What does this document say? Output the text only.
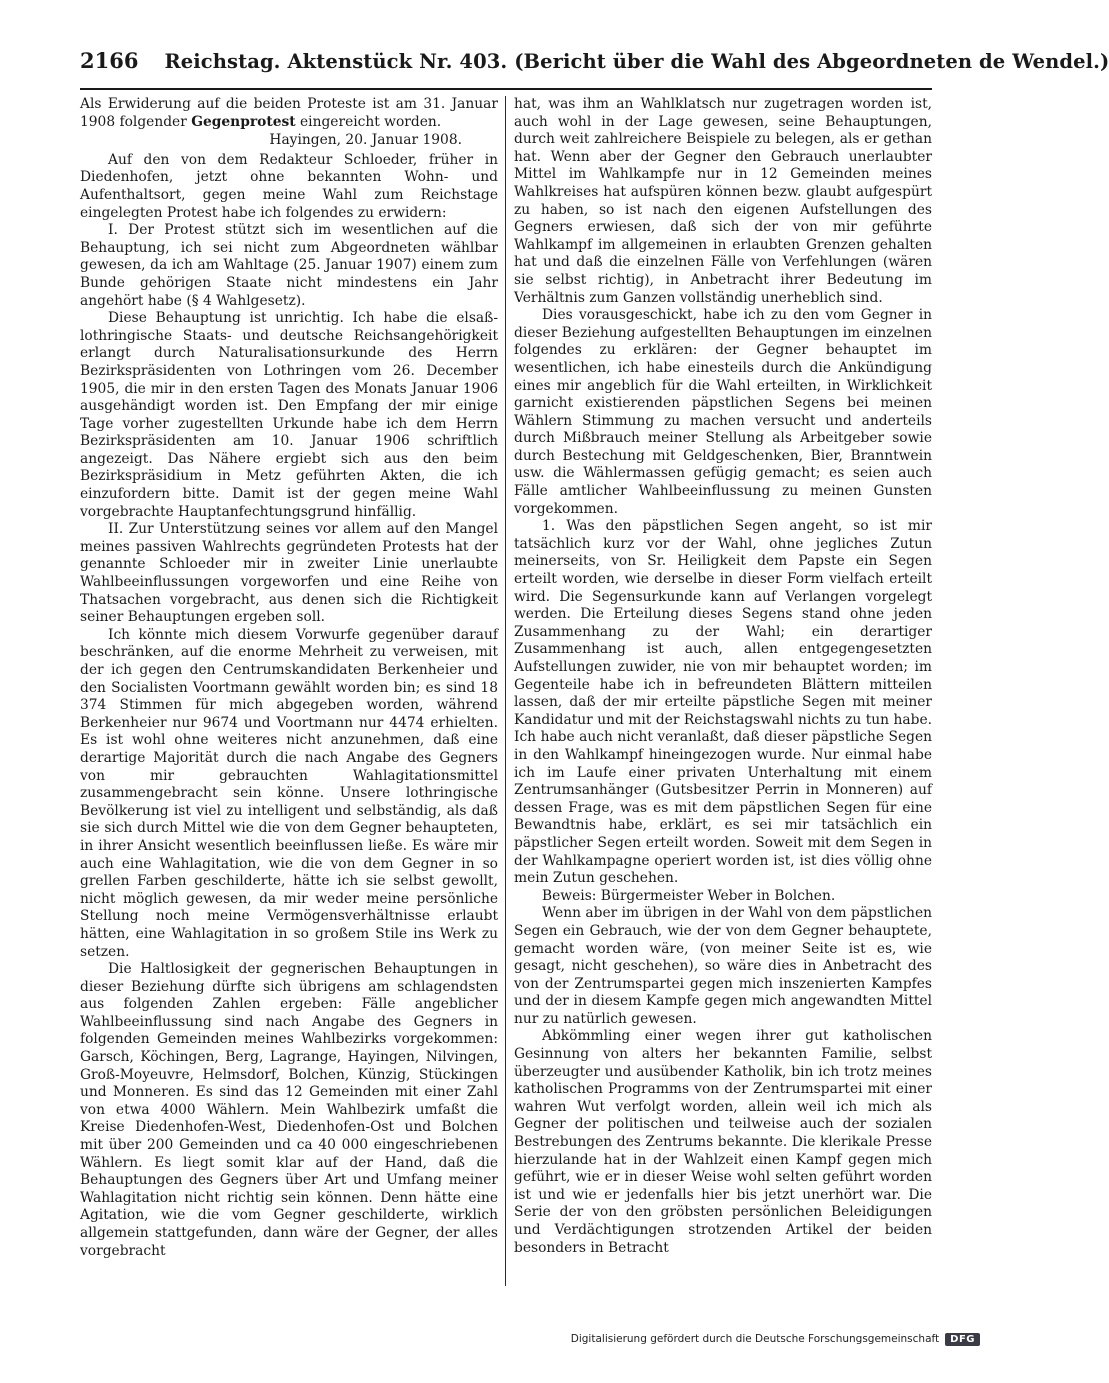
2166 Reichstag. Aktenstück Nr. 403. (Bericht über die Wahl des Abgeordneten de Wendel.)

Als Erwiderung auf die beiden Proteste ist am 31. Januar 1908 folgender Gegenprotest eingereicht worden.

Hayingen, 20. Januar 1908.

Auf den von dem Redakteur Schloeder, früher in Diedenhofen, jetzt ohne bekannten Wohn- und Aufenthaltsort, gegen meine Wahl zum Reichstage eingelegten Protest habe ich folgendes zu erwidern:

I. Der Protest stützt sich im wesentlichen auf die Behauptung, ich sei nicht zum Abgeordneten wählbar gewesen, da ich am Wahltage (25. Januar 1907) einem zum Bunde gehörigen Staate nicht mindestens ein Jahr angehört habe (§ 4 Wahlgesetz).

Diese Behauptung ist unrichtig. Ich habe die elsaß-lothringische Staats- und deutsche Reichsangehörigkeit erlangt durch Naturalisationsurkunde des Herrn Bezirkspräsidenten von Lothringen vom 26. December 1905, die mir in den ersten Tagen des Monats Januar 1906 ausgehändigt worden ist. Den Empfang der mir einige Tage vorher zugestellten Urkunde habe ich dem Herrn Bezirkspräsidenten am 10. Januar 1906 schriftlich angezeigt. Das Nähere ergiebt sich aus den beim Bezirkspräsidium in Metz geführten Akten, die ich einzufordern bitte. Damit ist der gegen meine Wahl vorgebrachte Hauptanfechtungsgrund hinfällig.

II. Zur Unterstützung seines vor allem auf den Mangel meines passiven Wahlrechts gegründeten Protests hat der genannte Schloeder mir in zweiter Linie unerlaubte Wahlbeeinflussungen vorgeworfen und eine Reihe von Thatsachen vorgebracht, aus denen sich die Richtigkeit seiner Behauptungen ergeben soll.

Ich könnte mich diesem Vorwurfe gegenüber darauf beschränken, auf die enorme Mehrheit zu verweisen, mit der ich gegen den Centrumskandidaten Berkenheier und den Socialisten Voortmann gewählt worden bin; es sind 18 374 Stimmen für mich abgegeben worden, während Berkenheier nur 9674 und Voortmann nur 4474 erhielten. Es ist wohl ohne weiteres nicht anzunehmen, daß eine derartige Majorität durch die nach Angabe des Gegners von mir gebrauchten Wahlagitationsmittel zusammengebracht sein könne. Unsere lothringische Bevölkerung ist viel zu intelligent und selbständig, als daß sie sich durch Mittel wie die von dem Gegner behaupteten, in ihrer Ansicht wesentlich beeinflussen ließe. Es wäre mir auch eine Wahlagitation, wie die von dem Gegner in so grellen Farben geschilderte, hätte ich sie selbst gewollt, nicht möglich gewesen, da mir weder meine persönliche Stellung noch meine Vermögensverhältnisse erlaubt hätten, eine Wahlagitation in so großem Stile ins Werk zu setzen.

Die Haltlosigkeit der gegnerischen Behauptungen in dieser Beziehung dürfte sich übrigens am schlagendsten aus folgenden Zahlen ergeben: Fälle angeblicher Wahlbeeinflussung sind nach Angabe des Gegners in folgenden Gemeinden meines Wahlbezirks vorgekommen: Garsch, Köchingen, Berg, Lagrange, Hayingen, Nilvingen, Groß-Moyeuvre, Helmsdorf, Bolchen, Künzig, Stückingen und Monneren. Es sind das 12 Gemeinden mit einer Zahl von etwa 4000 Wählern. Mein Wahlbezirk umfaßt die Kreise Diedenhofen-West, Diedenhofen-Ost und Bolchen mit über 200 Gemeinden und ca 40 000 eingeschriebenen Wählern. Es liegt somit klar auf der Hand, daß die Behauptungen des Gegners über Art und Umfang meiner Wahlagitation nicht richtig sein können. Denn hätte eine Agitation, wie die vom Gegner geschilderte, wirklich allgemein stattgefunden, dann wäre der Gegner, der alles vorgebracht

hat, was ihm an Wahlklatsch nur zugetragen worden ist, auch wohl in der Lage gewesen, seine Behauptungen, durch weit zahlreichere Beispiele zu belegen, als er gethan hat. Wenn aber der Gegner den Gebrauch unerlaubter Mittel im Wahlkampfe nur in 12 Gemeinden meines Wahlkreises hat aufspüren können bezw. glaubt aufgespürt zu haben, so ist nach den eigenen Aufstellungen des Gegners erwiesen, daß sich der von mir geführte Wahlkampf im allgemeinen in erlaubten Grenzen gehalten hat und daß die einzelnen Fälle von Verfehlungen (wären sie selbst richtig), in Anbetracht ihrer Bedeutung im Verhältnis zum Ganzen vollständig unerheblich sind.

Dies vorausgeschickt, habe ich zu den vom Gegner in dieser Beziehung aufgestellten Behauptungen im einzelnen folgendes zu erklären: der Gegner behauptet im wesentlichen, ich habe einesteils durch die Ankündigung eines mir angeblich für die Wahl erteilten, in Wirklichkeit garnicht existierenden päpstlichen Segens bei meinen Wählern Stimmung zu machen versucht und anderteils durch Mißbrauch meiner Stellung als Arbeitgeber sowie durch Bestechung mit Geldgeschenken, Bier, Branntwein usw. die Wählermassen gefügig gemacht; es seien auch Fälle amtlicher Wahlbeeinflussung zu meinen Gunsten vorgekommen.

1. Was den päpstlichen Segen angeht, so ist mir tatsächlich kurz vor der Wahl, ohne jegliches Zutun meinerseits, von Sr. Heiligkeit dem Papste ein Segen erteilt worden, wie derselbe in dieser Form vielfach erteilt wird. Die Segensurkunde kann auf Verlangen vorgelegt werden. Die Erteilung dieses Segens stand ohne jeden Zusammenhang zu der Wahl; ein derartiger Zusammenhang ist auch, allen entgegengesetzten Aufstellungen zuwider, nie von mir behauptet worden; im Gegenteile habe ich in befreundeten Blättern mitteilen lassen, daß der mir erteilte päpstliche Segen mit meiner Kandidatur und mit der Reichstagswahl nichts zu tun habe. Ich habe auch nicht veranlaßt, daß dieser päpstliche Segen in den Wahlkampf hineingezogen wurde. Nur einmal habe ich im Laufe einer privaten Unterhaltung mit einem Zentrumsanhänger (Gutsbesitzer Perrin in Monneren) auf dessen Frage, was es mit dem päpstlichen Segen für eine Bewandtnis habe, erklärt, es sei mir tatsächlich ein päpstlicher Segen erteilt worden. Soweit mit dem Segen in der Wahlkampagne operiert worden ist, ist dies völlig ohne mein Zutun geschehen.

Beweis: Bürgermeister Weber in Bolchen.

Wenn aber im übrigen in der Wahl von dem päpstlichen Segen ein Gebrauch, wie der von dem Gegner behauptete, gemacht worden wäre, (von meiner Seite ist es, wie gesagt, nicht geschehen), so wäre dies in Anbetracht des von der Zentrumspartei gegen mich inszenierten Kampfes und der in diesem Kampfe gegen mich angewandten Mittel nur zu natürlich gewesen.

Abkömmling einer wegen ihrer gut katholischen Gesinnung von alters her bekannten Familie, selbst überzeugter und ausübender Katholik, bin ich trotz meines katholischen Programms von der Zentrumspartei mit einer wahren Wut verfolgt worden, allein weil ich mich als Gegner der politischen und teilweise auch der sozialen Bestrebungen des Zentrums bekannte. Die klerikale Presse hierzulande hat in der Wahlzeit einen Kampf gegen mich geführt, wie er in dieser Weise wohl selten geführt worden ist und wie er jedenfalls hier bis jetzt unerhört war. Die Serie der von den gröbsten persönlichen Beleidigungen und Verdächtigungen strotzenden Artikel der beiden besonders in Betracht

Digitalisierung gefördert durch die Deutsche Forschungsgemeinschaft	DFG
